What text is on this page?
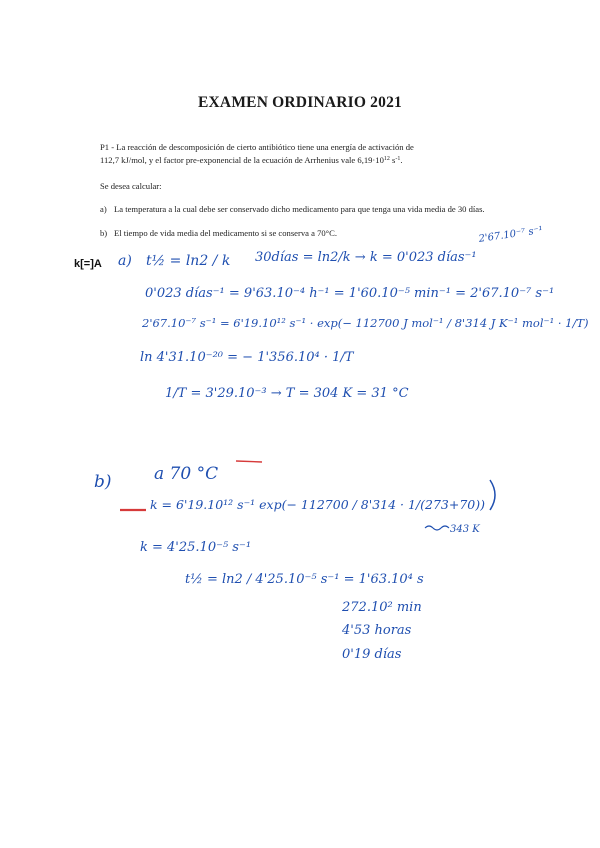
EXAMEN ORDINARIO 2021
P1 - La reacción de descomposición de cierto antibiótico tiene una energía de activación de
112,7 kJ/mol, y el factor pre-exponencial de la ecuación de Arrhenius vale $6,19\cdot 10^{12}$ $s^{-1}$.
Se desea calcular:
a) La temperatura a la cual debe ser conservado dicho medicamento para que tenga una vida media de 30 días.
b) El tiempo de vida media del medicamento si se conserva a 70°C.
k[=]A a) t½ = ln2 / k 30días = ln2/k → k = 0'023 días⁻¹
2'67.10⁻⁷ s⁻¹
0'023 días⁻¹ = 9'63.10⁻⁴ h⁻¹ = 1'60.10⁻⁵ min⁻¹ = 2'67.10⁻⁷ s⁻¹
2'67.10⁻⁷ s⁻¹ = 6'19.10¹² s⁻¹ · exp(− 112700 J mol⁻¹ / 8'314 J K⁻¹ mol⁻¹ · 1/T)
ln 4'31.10⁻²⁰ = − 1'356.10⁴ · 1/T
1/T = 3'29.10⁻³ → T = 304 K = 31 °C
b) a 70 °C
k = 6'19.10¹² s⁻¹ exp(− 112700 / 8'314 · 1/(273+70))
343 K
k = 4'25.10⁻⁵ s⁻¹
t½ = ln2 / 4'25.10⁻⁵ s⁻¹ = 1'63.10⁴ s
272.10² min
4'53 horas
0'19 días
